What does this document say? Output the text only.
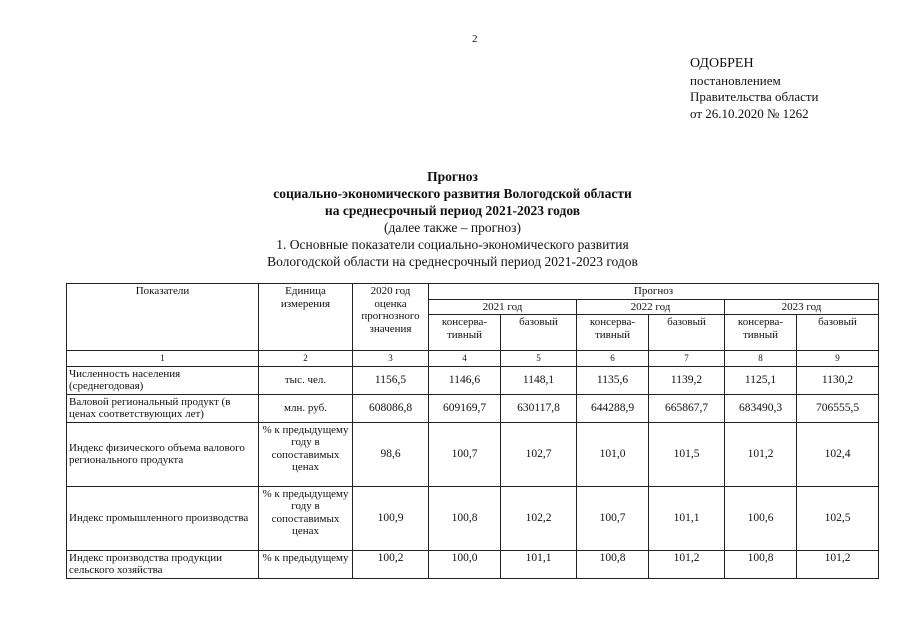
2
ОДОБРЕН
постановлением
Правительства области
от 26.10.2020 № 1262
Прогноз
социально-экономического развития Вологодской области
на среднесрочный период 2021-2023 годов
(далее также – прогноз)
1. Основные показатели социально-экономического развития
Вологодской области на среднесрочный период 2021-2023 годов
Показатели	Единица измерения	2020 год оценка прогнозного значения	Прогноз					
			2021 год		2022 год		2023 год	
			консерва-тивный	базовый	консерва-тивный	базовый	консерва-тивный	базовый
1	2	3	4	5	6	7	8	9
Численность населения (среднегодовая)	тыс. чел.	1156,5	1146,6	1148,1	1135,6	1139,2	1125,1	1130,2
Валовой региональный продукт (в ценах соответствующих лет)	млн. руб.	608086,8	609169,7	630117,8	644288,9	665867,7	683490,3	706555,5
Индекс физического объема валового регионального продукта	% к предыдущему году в сопоставимых ценах	98,6	100,7	102,7	101,0	101,5	101,2	102,4
Индекс промышленного производства	% к предыдущему году в сопоставимых ценах	100,9	100,8	102,2	100,7	101,1	100,6	102,5
Индекс производства продукции сельского хозяйства	% к предыдущему	100,2	100,0	101,1	100,8	101,2	100,8	101,2
